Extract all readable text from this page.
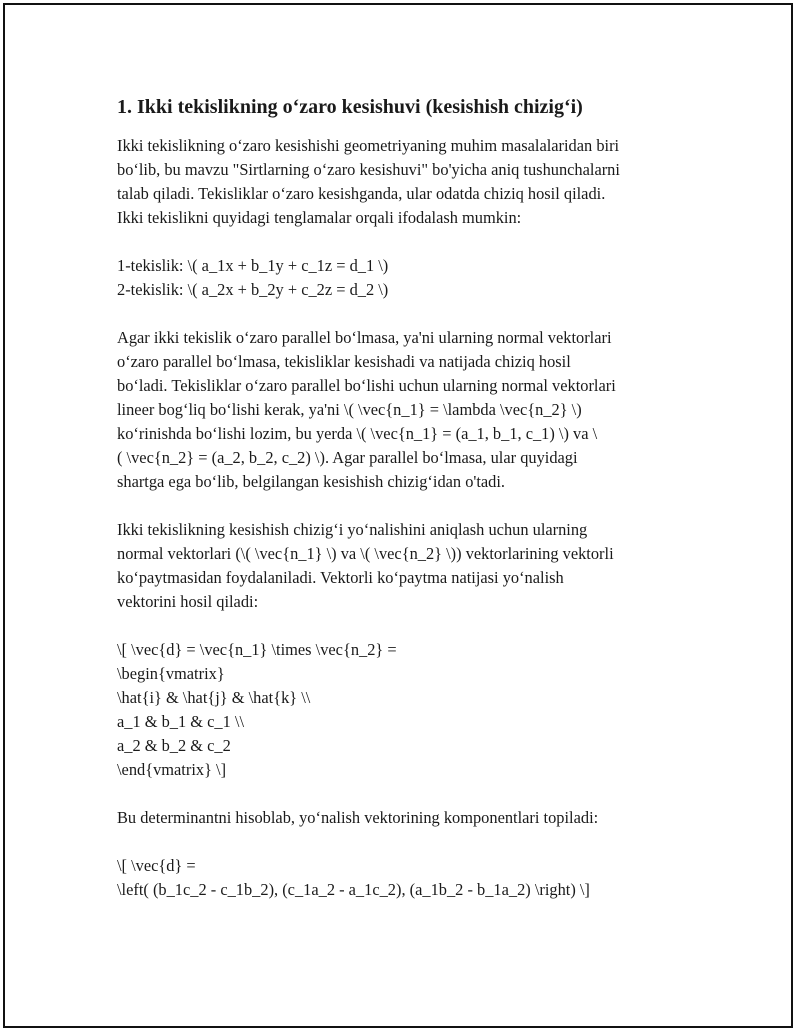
1. Ikki tekislikning o‘zaro kesishuvi (kesishish chizig‘i)

Ikki tekislikning o‘zaro kesishishi geometriyaning muhim masalalaridan biri
bo‘lib, bu mavzu "Sirtlarning o‘zaro kesishuvi" bo'yicha aniq tushunchalarni
talab qiladi. Tekisliklar o‘zaro kesishganda, ular odatda chiziq hosil qiladi.
Ikki tekislikni quyidagi tenglamalar orqali ifodalash mumkin:

1-tekislik: \( a_1x + b_1y + c_1z = d_1 \)
2-tekislik: \( a_2x + b_2y + c_2z = d_2 \)

Agar ikki tekislik o‘zaro parallel bo‘lmasa, ya'ni ularning normal vektorlari
o‘zaro parallel bo‘lmasa, tekisliklar kesishadi va natijada chiziq hosil
bo‘ladi. Tekisliklar o‘zaro parallel bo‘lishi uchun ularning normal vektorlari
lineer bog‘liq bo‘lishi kerak, ya'ni \( \vec{n_1} = \lambda \vec{n_2} \)
ko‘rinishda bo‘lishi lozim, bu yerda \( \vec{n_1} = (a_1, b_1, c_1) \) va \
( \vec{n_2} = (a_2, b_2, c_2) \). Agar parallel bo‘lmasa, ular quyidagi
shartga ega bo‘lib, belgilangan kesishish chizig‘idan o'tadi.

Ikki tekislikning kesishish chizig‘i yo‘nalishini aniqlash uchun ularning
normal vektorlari (\( \vec{n_1} \) va \( \vec{n_2} \)) vektorlarining vektorli
ko‘paytmasidan foydalaniladi. Vektorli ko‘paytma natijasi yo‘nalish
vektorini hosil qiladi:

\[ \vec{d} = \vec{n_1} \times \vec{n_2} =
\begin{vmatrix}
\hat{i} & \hat{j} & \hat{k} \\
a_1 & b_1 & c_1 \\
a_2 & b_2 & c_2
\end{vmatrix} \]

Bu determinantni hisoblab, yo‘nalish vektorining komponentlari topiladi:

\[ \vec{d} =
\left( (b_1c_2 - c_1b_2), (c_1a_2 - a_1c_2), (a_1b_2 - b_1a_2) \right) \]
